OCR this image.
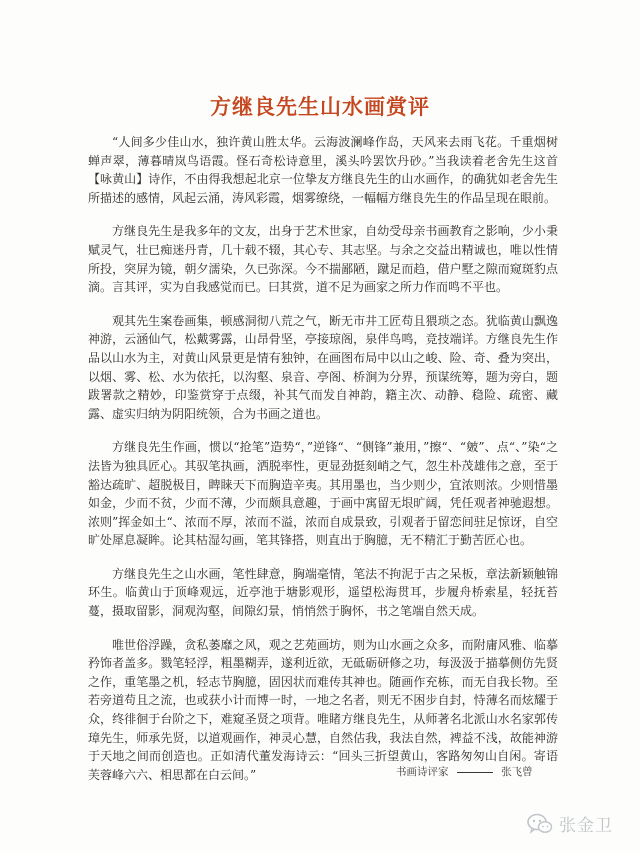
方继良先生山水画赏评

“人间多少佳山水，独许黄山胜太华。云海波澜峰作岛，天风来去雨飞花。千重烟树蝉声翠，薄暮晴岚鸟语霞。怪石奇松诗意里，溪头吟罢饮丹砂。”当我读着老舍先生这首【咏黄山】诗作，不由得我想起北京一位挚友方继良先生的山水画作，的确犹如老舍先生所描述的感情，风起云涌，涛风彩霞，烟雾缭绕，一幅幅方继良先生的作品呈现在眼前。

方继良先生是我多年的文友，出身于艺术世家，自幼受母亲书画教育之影响，少小秉赋灵气，壮已痴迷丹青，几十载不辍，其心专、其志坚。与余之交益出精诚也，唯以性情所投，突屏为镜，朝夕濡染，久已弥深。今不揣鄙陋，蹴足而趋，借户墅之隙而窥斑豹点滴。言其评，实为自我感觉而已。曰其赏，道不足为画家之所力作而鸣不平也。

观其先生案卷画集，顿感洞彻八荒之气，断无市井工匠苟且猥琐之态。犹临黄山飘逸神游，云涵仙气，松戴雾露，山昂骨坚，亭接琼阁，泉伴鸟鸣，竞技端详。方继良先生作品以山水为主，对黄山风景更是情有独钟，在画图布局中以山之峻、险、奇、叠为突出，以烟、雾、松、水为依托，以沟壑、泉音、亭阁、桥涧为分界，预谋统筹，题为旁白，题跋署款之精妙，印鉴赏穿于点缀，补其气而发自神韵，籍主次、动静、稳险、疏密、藏露、虚实归纳为阴阳统领，合为书画之道也。

方继良先生作画，惯以“抢笔”造势“，”逆锋“、“侧锋”兼用，”擦“、“皴”、点“、”染“之法皆为独具匠心。其驭笔执画，洒脱率性，更显劲挺刻峭之气，忽生朴茂雄伟之意，至于豁达疏旷、超脱极目，睥睐天下而胸造辛夷。其用墨也，当少则少，宜浓则浓。少则惜墨如金，少而不贫，少而不薄，少而颇具意趣，于画中寓留无垠旷阔，凭任观者神驰遐想。浓则”挥金如土“、浓而不厚，浓而不溢，浓而自成景致，引观者于留恋间驻足惊讶，自空旷处犀息凝眸。论其枯湿勾画，笔其锋搭，则直出于胸臆，无不精汇于勤苦匠心也。

方继良先生之山水画，笔性肆意，胸端毫情，笔法不拘泥于古之呆板，章法新颖触锦环生。临黄山于顶峰观远，近亭池于塘影观形，遥望松海贯耳，步履舟桥索星，轻抚苔蔓，摄取留影，洞观沟壑，间隙幻景，悄悄然于胸怀，书之笔端自然天成。

唯世俗浮躁，贪私萎靡之风，观之艺苑画坊，则为山水画之众多，而附庸风雅、临摹矜饰者盖多。戮笔轻浮，粗墨糊弄，遂利近欲，无砥砺研修之功，每汲汲于描摹侧仿先贤之作，重笔墨之机，轻志节胸臆，固因状而难传其神也。随画作充栋，而无自我长物。至若旁道苟且之流，也或获小计而博一时，一地之名者，则无不困步自封，恃薄名而炫耀于众，终徘徊于台阶之下，难窥圣贤之项背。唯睹方继良先生，从师著名北派山水名家郭传璋先生，师承先贤，以道观画作，神灵心慧，自然估我，我法自然，裨益不浅，故能神游于天地之间而创造也。正如清代董发海诗云：“回头三折望黄山，客路匆匆山自闲。寄语芙蓉峰六六、相思都在白云间。”	书画诗评家	张飞曾
张金卫
